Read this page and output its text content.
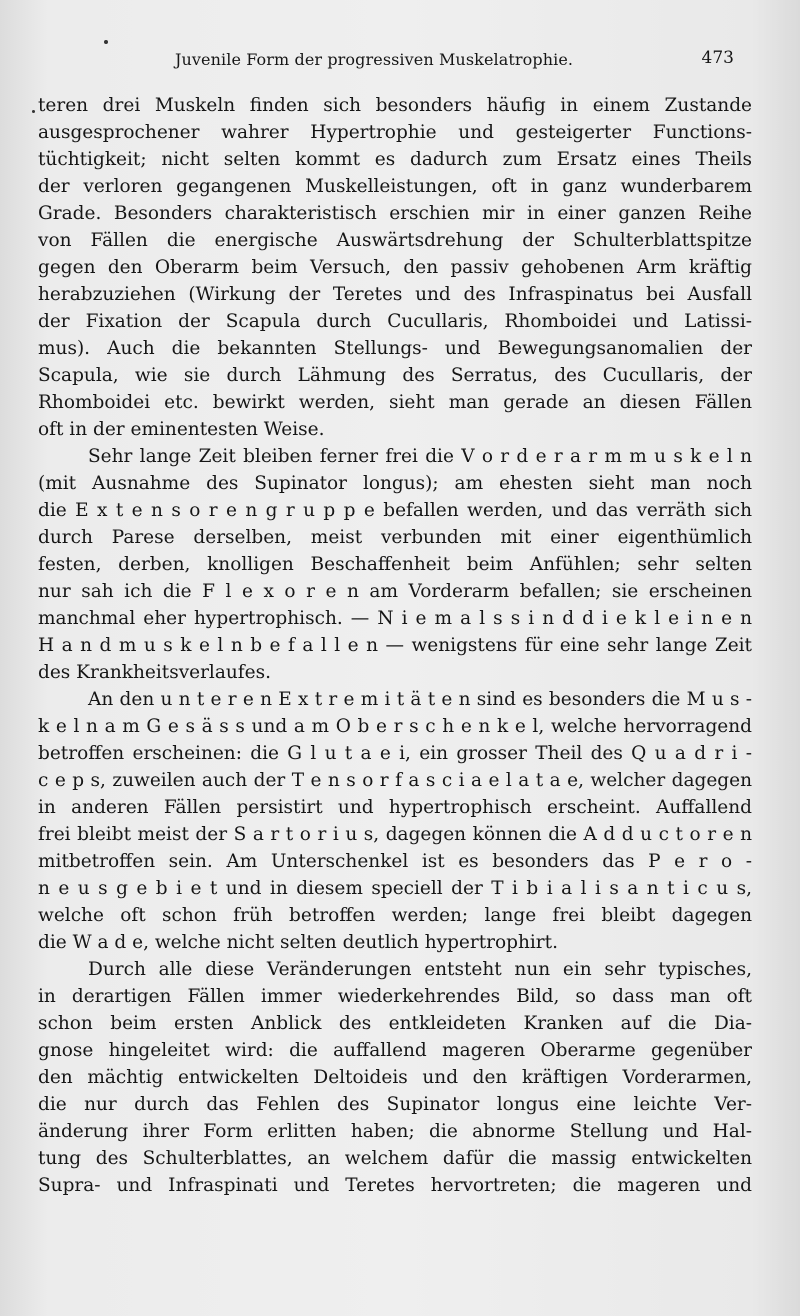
Juvenile Form der progressiven Muskelatrophie.	473
teren drei Muskeln finden sich besonders häufig in einem Zustande
ausgesprochener wahrer Hypertrophie und gesteigerter Functions-
tüchtigkeit; nicht selten kommt es dadurch zum Ersatz eines Theils
der verloren gegangenen Muskelleistungen, oft in ganz wunderbarem
Grade. Besonders charakteristisch erschien mir in einer ganzen Reihe
von Fällen die energische Auswärtsdrehung der Schulterblattspitze
gegen den Oberarm beim Versuch, den passiv gehobenen Arm kräftig
herabzuziehen (Wirkung der Teretes und des Infraspinatus bei Ausfall
der Fixation der Scapula durch Cucullaris, Rhomboidei und Latissi-
mus). Auch die bekannten Stellungs- und Bewegungsanomalien der
Scapula, wie sie durch Lähmung des Serratus, des Cucullaris, der
Rhomboidei etc. bewirkt werden, sieht man gerade an diesen Fällen
oft in der eminentesten Weise.
Sehr lange Zeit bleiben ferner frei die V o r d e r a r m m u s k e l n
(mit Ausnahme des Supinator longus); am ehesten sieht man noch
die E x t e n s o r e n g r u p p e befallen werden, und das verräth sich
durch Parese derselben, meist verbunden mit einer eigenthümlich
festen, derben, knolligen Beschaffenheit beim Anfühlen; sehr selten
nur sah ich die F l e x o r e n am Vorderarm befallen; sie erscheinen
manchmal eher hypertrophisch. — N i e m a l s s i n d d i e k l e i n e n
H a n d m u s k e l n b e f a l l e n — wenigstens für eine sehr lange Zeit
des Krankheitsverlaufes.
An den u n t e r e n E x t r e m i t ä t e n sind es besonders die M u s -
k e l n a m G e s ä s s und a m O b e r s c h e n k e l, welche hervorragend
betroffen erscheinen: die G l u t a e i, ein grosser Theil des Q u a d r i -
c e p s, zuweilen auch der T e n s o r f a s c i a e l a t a e, welcher dagegen
in anderen Fällen persistirt und hypertrophisch erscheint. Auffallend
frei bleibt meist der S a r t o r i u s, dagegen können die A d d u c t o r e n
mitbetroffen sein. Am Unterschenkel ist es besonders das P e r o -
n e u s g e b i e t und in diesem speciell der T i b i a l i s a n t i c u s,
welche oft schon früh betroffen werden; lange frei bleibt dagegen
die W a d e, welche nicht selten deutlich hypertrophirt.
Durch alle diese Veränderungen entsteht nun ein sehr typisches,
in derartigen Fällen immer wiederkehrendes Bild, so dass man oft
schon beim ersten Anblick des entkleideten Kranken auf die Dia-
gnose hingeleitet wird: die auffallend mageren Oberarme gegenüber
den mächtig entwickelten Deltoideis und den kräftigen Vorderarmen,
die nur durch das Fehlen des Supinator longus eine leichte Ver-
änderung ihrer Form erlitten haben; die abnorme Stellung und Hal-
tung des Schulterblattes, an welchem dafür die massig entwickelten
Supra- und Infraspinati und Teretes hervortreten; die mageren und
